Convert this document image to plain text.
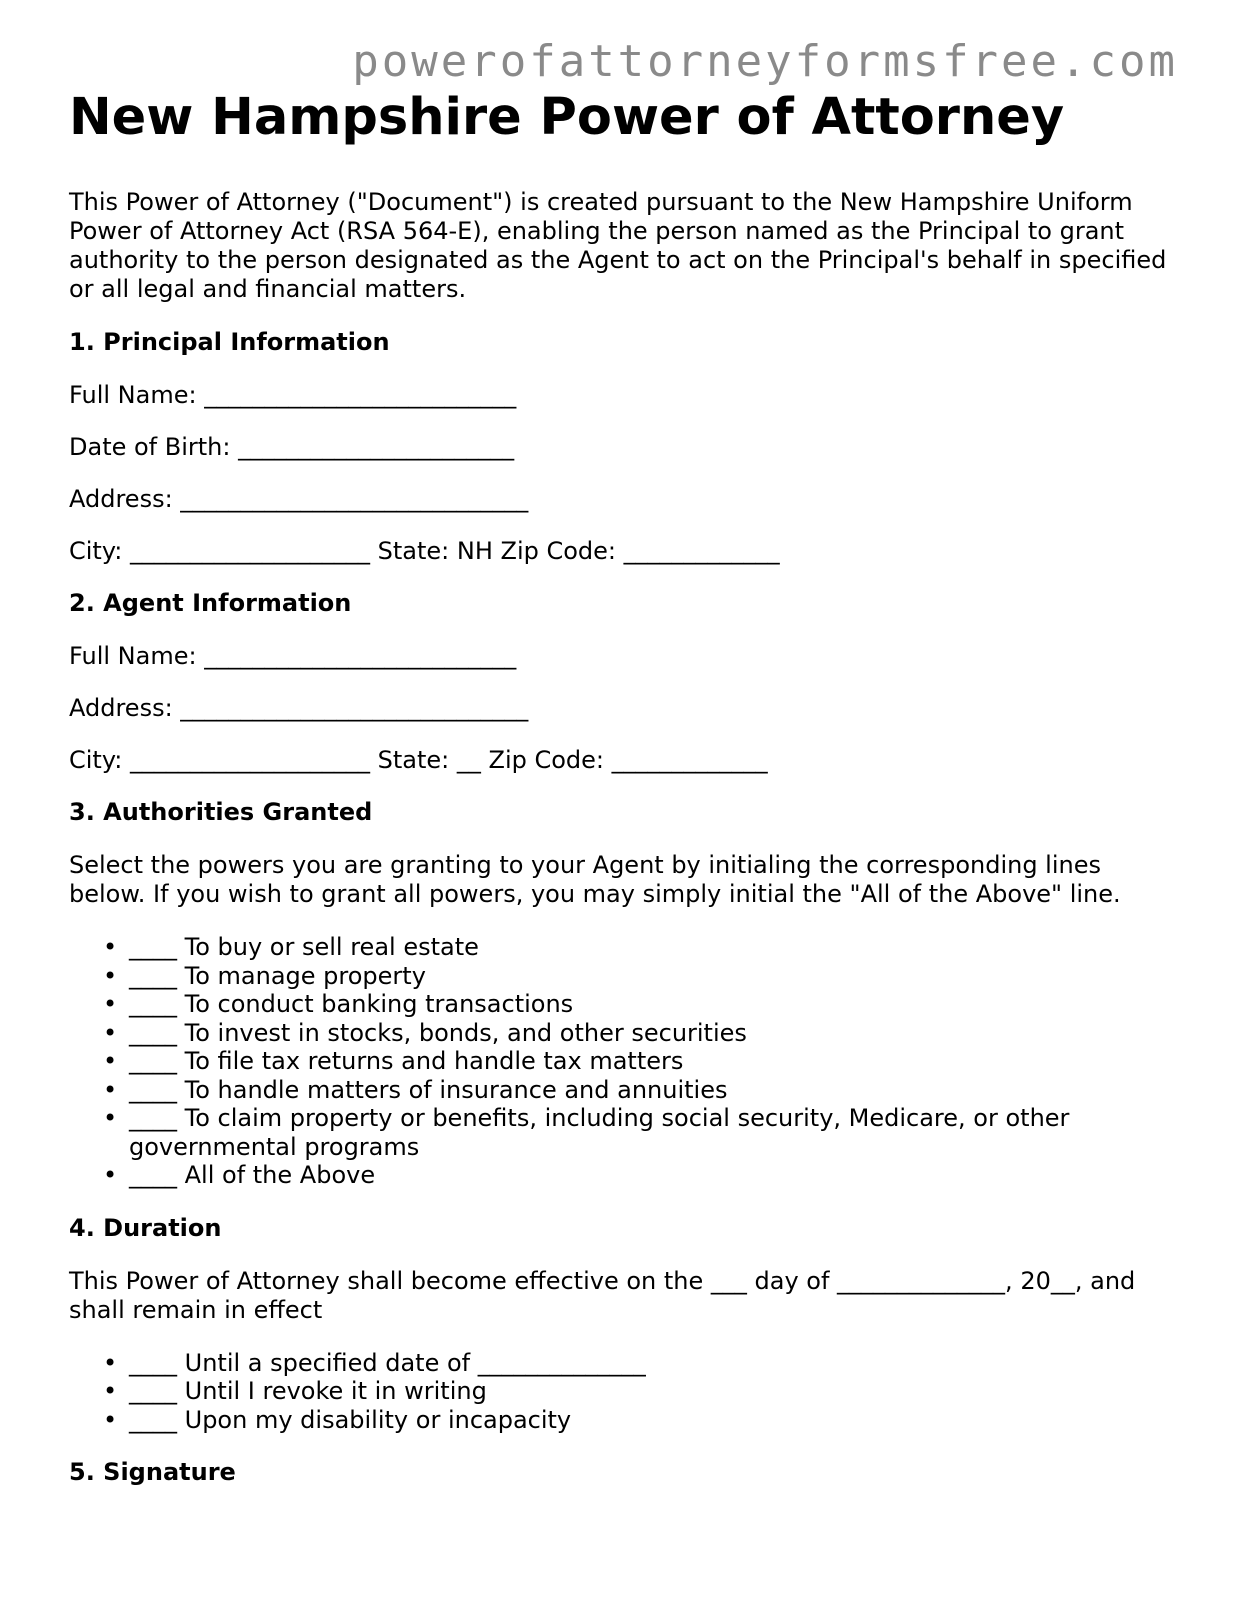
powerofattorneyformsfree.com
New Hampshire Power of Attorney

This Power of Attorney ("Document") is created pursuant to the New Hampshire Uniform Power of Attorney Act (RSA 564-E), enabling the person named as the Principal to grant authority to the person designated as the Agent to act on the Principal's behalf in specified or all legal and financial matters.

1. Principal Information
Full Name: __________________________
Date of Birth: _______________________
Address: _____________________________
City: ____________________ State: NH Zip Code: _____________
2. Agent Information
Full Name: __________________________
Address: _____________________________
City: ____________________ State: __ Zip Code: _____________
3. Authorities Granted

Select the powers you are granting to your Agent by initialing the corresponding lines below. If you wish to grant all powers, you may simply initial the "All of the Above" line.

• ____ To buy or sell real estate
• ____ To manage property
• ____ To conduct banking transactions
• ____ To invest in stocks, bonds, and other securities
• ____ To file tax returns and handle tax matters
• ____ To handle matters of insurance and annuities
• ____ To claim property or benefits, including social security, Medicare, or other governmental programs
• ____ All of the Above
4. Duration

This Power of Attorney shall become effective on the ___ day of ______________, 20__, and shall remain in effect

• ____ Until a specified date of ______________
• ____ Until I revoke it in writing
• ____ Upon my disability or incapacity
5. Signature
